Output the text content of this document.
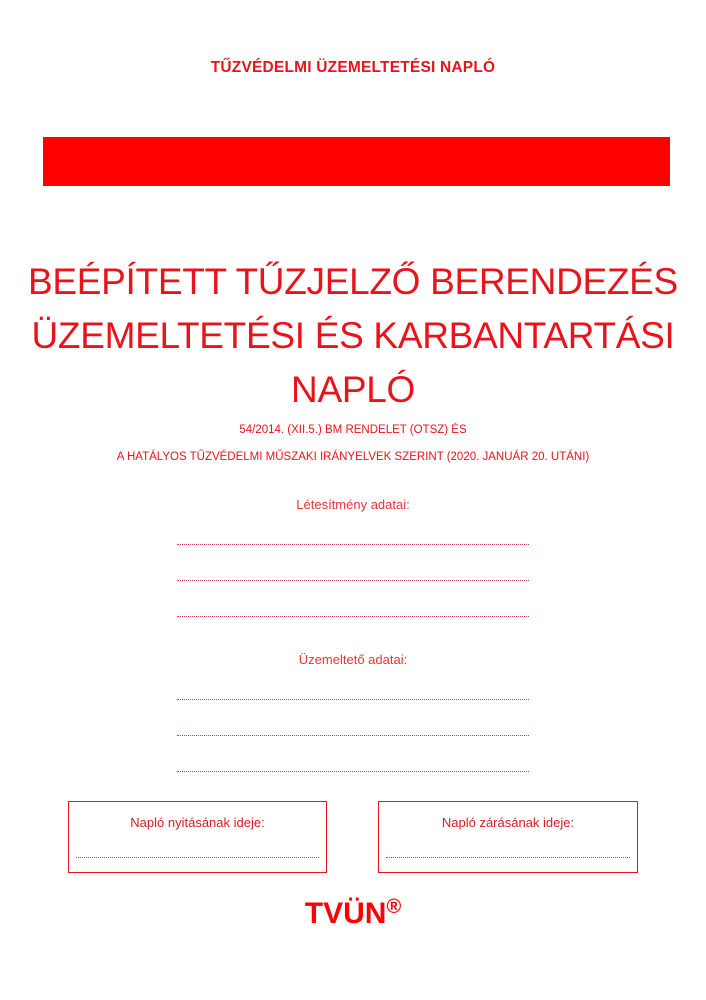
TŰZVÉDELMI ÜZEMELTETÉSI NAPLÓ
BEÉPÍTETT TŰZJELZŐ BERENDEZÉS
ÜZEMELTETÉSI ÉS KARBANTARTÁSI
NAPLÓ
54/2014. (XII.5.) BM RENDELET (OTSZ) ÉS
A HATÁLYOS TŰZVÉDELMI MŰSZAKI IRÁNYELVEK SZERINT (2020. JANUÁR 20. UTÁNI)
Létesítmény adatai:
Üzemeltető adatai:
Napló nyitásának ideje:	Napló zárásának ideje:
TVÜN®
